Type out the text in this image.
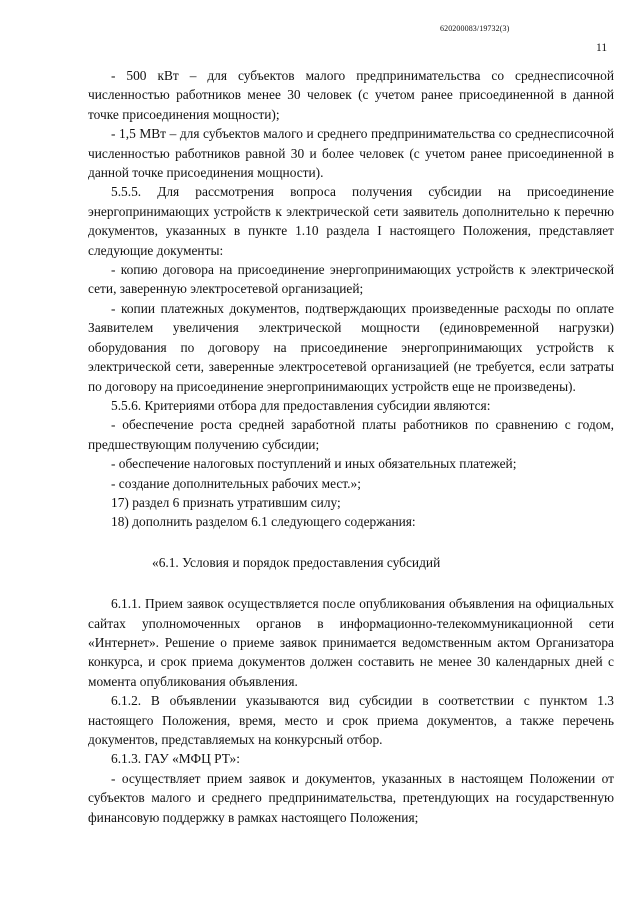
620200083/19732(3)
11

- 500 кВт – для субъектов малого предпринимательства со среднесписочной численностью работников менее 30 человек (с учетом ранее присоединенной в данной точке присоединения мощности);

- 1,5 МВт – для субъектов малого и среднего предпринимательства со среднесписочной численностью работников равной 30 и более человек (с учетом ранее присоединенной в данной точке присоединения мощности).

5.5.5. Для рассмотрения вопроса получения субсидии на присоединение энергопринимающих устройств к электрической сети заявитель дополнительно к перечню документов, указанных в пункте 1.10 раздела I настоящего Положения, представляет следующие документы:

- копию договора на присоединение энергопринимающих устройств к электрической сети, заверенную электросетевой организацией;

- копии платежных документов, подтверждающих произведенные расходы по оплате Заявителем увеличения электрической мощности (единовременной нагрузки) оборудования по договору на присоединение энергопринимающих устройств к электрической сети, заверенные электросетевой организацией (не требуется, если затраты по договору на присоединение энергопринимающих устройств еще не произведены).

5.5.6. Критериями отбора для предоставления субсидии являются:

- обеспечение роста средней заработной платы работников по сравнению с годом, предшествующим получению субсидии;

- обеспечение налоговых поступлений и иных обязательных платежей;

- создание дополнительных рабочих мест.»;

17) раздел 6 признать утратившим силу;

18) дополнить разделом 6.1 следующего содержания:

«6.1. Условия и порядок предоставления субсидий

6.1.1. Прием заявок осуществляется после опубликования объявления на официальных сайтах уполномоченных органов в информационно-телекоммуникационной сети «Интернет». Решение о приеме заявок принимается ведомственным актом Организатора конкурса, и срок приема документов должен составить не менее 30 календарных дней с момента опубликования объявления.

6.1.2. В объявлении указываются вид субсидии в соответствии с пунктом 1.3 настоящего Положения, время, место и срок приема документов, а также перечень документов, представляемых на конкурсный отбор.

6.1.3. ГАУ «МФЦ РТ»:

- осуществляет прием заявок и документов, указанных в настоящем Положении от субъектов малого и среднего предпринимательства, претендующих на государственную финансовую поддержку в рамках настоящего Положения;
